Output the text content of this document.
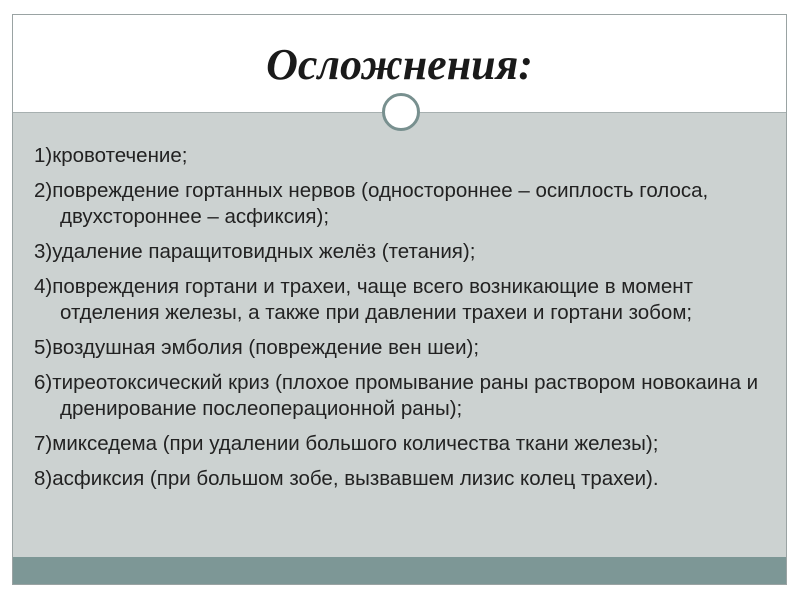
Осложнения:
1)кровотечение;
2)повреждение гортанных нервов (одностороннее – осиплость голоса, двухстороннее – асфиксия);
3)удаление паращитовидных желёз (тетания);
4)повреждения гортани и трахеи, чаще всего возникающие в момент отделения железы, а также при давлении трахеи и гортани зобом;
5)воздушная эмболия (повреждение вен шеи);
6)тиреотоксический криз (плохое промывание раны раствором новокаина и дренирование послеоперационной раны);
7)микседема (при удалении большого количества ткани железы);
8)асфиксия (при большом зобе, вызвавшем лизис колец трахеи).
